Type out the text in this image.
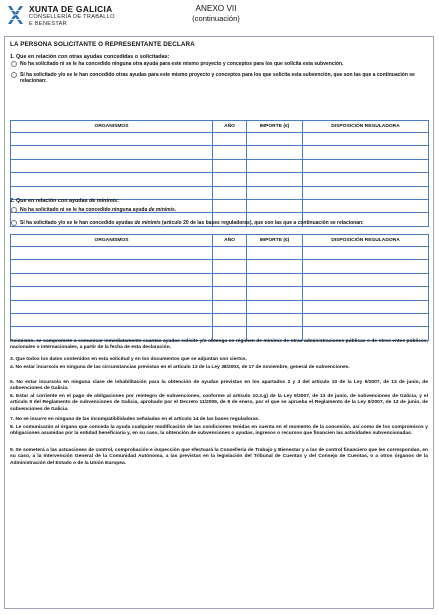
XUNTA DE GALICIA
CONSELLERÍA DE TRABALLO
E BENESTAR
ANEXO VII
(continuación)
LA PERSONA SOLICITANTE O REPRESENTANTE DECLARA
1. Que en relación con otras ayudas concedidas o solicitadas:
No ha solicitado ni se le ha concedido ninguna otra ayuda para este mismo proyecto y conceptos para los que solicita esta subvención.
Sí ha solicitado y/o se le han concedido otras ayudas para este mismo proyecto y conceptos para los que solicita esta subvención, que son las que a continuación se relacionan:
ORGANISMOS	AÑO	IMPORTE (€)	DISPOSICIÓN REGULADORA

2. Que en relación con ayudas de minimis:
No ha solicitado ni se le ha concedido ninguna ayuda de minimis.
Sí ha solicitado y/o se le han concedido ayudas de minimis (artículo 20 de las bases reguladoras), que son las que a continuación se relacionan:
ORGANISMOS	AÑO	IMPORTE (€)	DISPOSICIÓN REGULADORA

Asimismo, se compromete a comunicar inmediatamente cuantas ayudas solicite y/o obtenga en régimen de minimis de otras administraciones públicas o de otros entes públicos, nacionales o internacionales, a partir de la fecha de esta declaración.
3. Que todos los datos contenidos en esta solicitud y en los documentos que se adjuntan son ciertos.
4. No estar incurso/a en ninguna de las circunstancias previstas en el artículo 13 de la Ley 38/2003, de 17 de noviembre, general de subvenciones.
5. No estar incurso/a en ninguna clase de inhabilitación para la obtención de ayudas previstas en los apartados 2 y 3 del artículo 10 de la Ley 9/2007, de 13 de junio, de subvenciones de Galicia.
6. Estar al corriente en el pago de obligaciones por reintegro de subvenciones, conforme al artículo 10.2.g) de la Ley 9/2007, de 13 de junio, de subvenciones de Galicia, y el artículo 9 del Reglamento de subvenciones de Galicia, aprobado por el Decreto 11/2009, de 8 de enero, por el que se aprueba el Reglamento de la Ley 9/2007, de 13 de junio, de subvenciones de Galicia.
7. No se incurre en ninguna de las incompatibilidades señaladas en el artículo 14 de las bases reguladoras.
8. Le comunicarán al órgano que conceda la ayuda cualquier modificación de las condiciones tenidas en cuenta en el momento de la concesión, así como de los compromisos y obligaciones asumidas por la entidad beneficiaria y, en su caso, la obtención de subvenciones o ayudas, ingresos o recursos que financien las actividades subvencionadas.
9. Se someterá a las actuaciones de control, comprobación e inspección que efectuará la Consellería de Trabajo y Bienestar y a las de control financiero que les correspondan, en su caso, a la Intervención General de la Comunidad Autónoma, a las previstas en la legislación del Tribunal de Cuentas y del Consejo de Cuentas, o a otros órganos de la Administración del Estado o de la Unión Europea.
